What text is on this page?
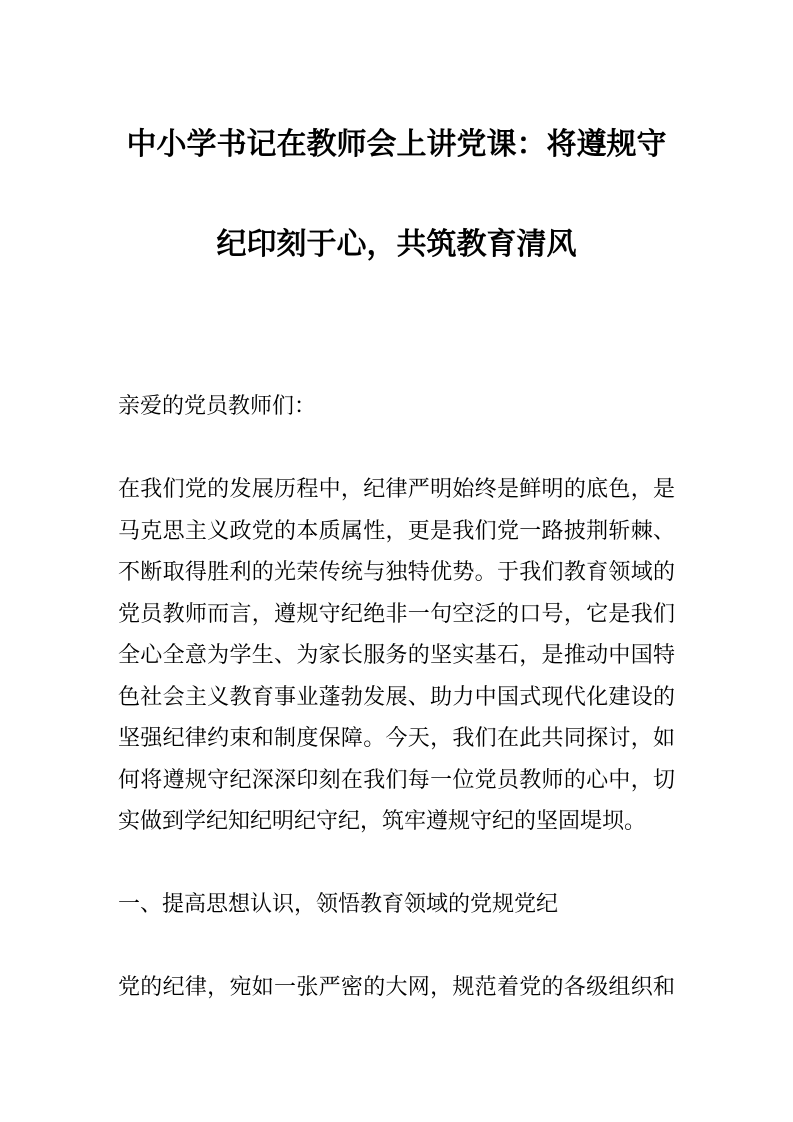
中小学书记在教师会上讲党课：将遵规守
纪印刻于心，共筑教育清风

亲爱的党员教师们：

在我们党的发展历程中，纪律严明始终是鲜明的底色，是马克思主义政党的本质属性，更是我们党一路披荆斩棘、不断取得胜利的光荣传统与独特优势。于我们教育领域的党员教师而言，遵规守纪绝非一句空泛的口号，它是我们全心全意为学生、为家长服务的坚实基石，是推动中国特色社会主义教育事业蓬勃发展、助力中国式现代化建设的坚强纪律约束和制度保障。今天，我们在此共同探讨，如何将遵规守纪深深印刻在我们每一位党员教师的心中，切实做到学纪知纪明纪守纪，筑牢遵规守纪的坚固堤坝。

一、提高思想认识，领悟教育领域的党规党纪

党的纪律，宛如一张严密的大网，规范着党的各级组织和
